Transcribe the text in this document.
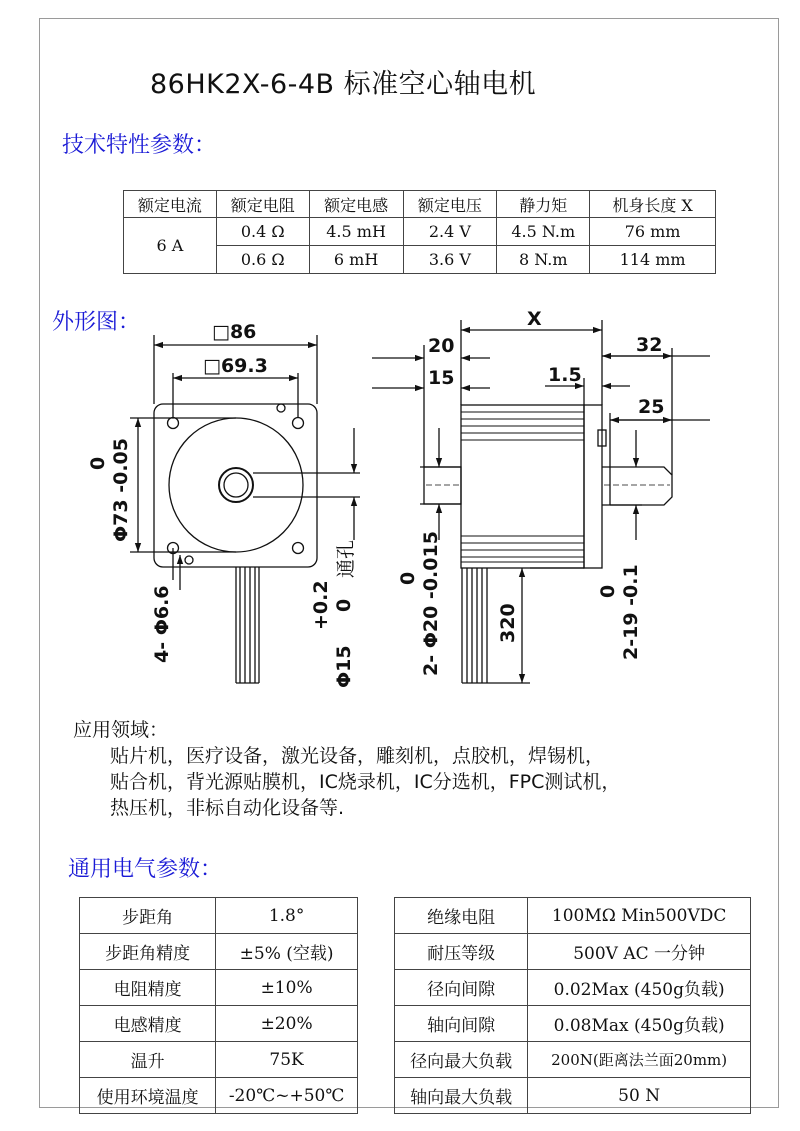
86HK2X-6-4B 标准空心轴电机
技术特性参数：
额定电流	额定电阻	额定电感	额定电压	静力矩	机身长度 X
6 A	0.4 Ω	4.5 mH	2.4 V	4.5 N.m	76 mm
	0.6 Ω	6 mH	3.6 V	8 N.m	114 mm
外形图：	□86
□69.3
0 Φ73 -0.05
4- Φ6.6	+0.2 0
Φ15
通孔
X
20
15
32
1.5
25
320
0 2- Φ20 -0.015	0 2-19 -0.1
应用领域：
贴片机，医疗设备，激光设备，雕刻机，点胶机，焊锡机，
贴合机，背光源贴膜机，IC烧录机，IC分选机，FPC测试机，
热压机，非标自动化设备等.
通用电气参数：
步距角	1.8°
步距角精度	±5% (空载)
电阻精度	±10%
电感精度	±20%
温升	75K
使用环境温度	-20℃~+50℃
绝缘电阻	100MΩ Min500VDC
耐压等级	500V AC 一分钟
径向间隙	0.02Max (450g负载)
轴向间隙	0.08Max (450g负载)
径向最大负载	200N(距离法兰面20mm)
轴向最大负载	50 N
